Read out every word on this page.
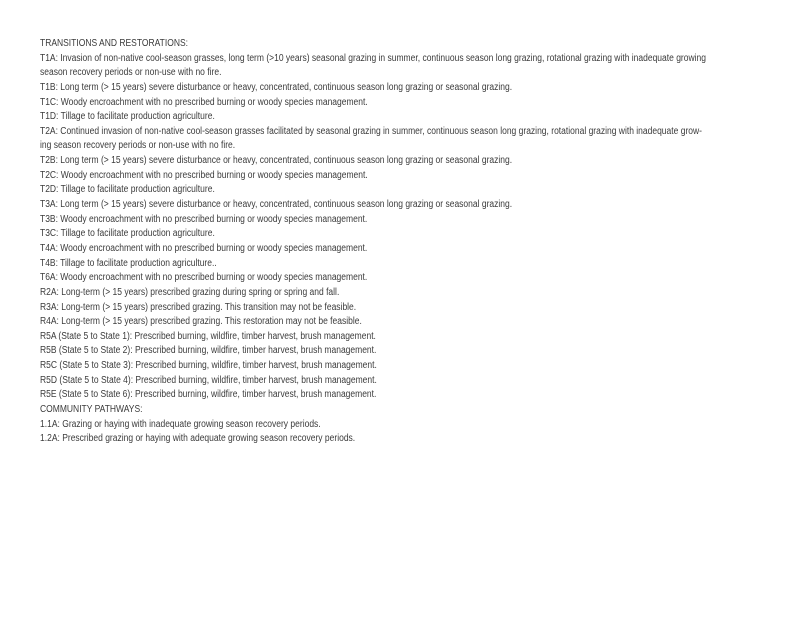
TRANSITIONS AND RESTORATIONS:
T1A: Invasion of non-native cool-season grasses, long term (>10 years) seasonal grazing in summer, continuous season long grazing, rotational grazing with inadequate growing
season recovery periods or non-use with no fire.
T1B: Long term (> 15 years) severe disturbance or heavy, concentrated, continuous season long grazing or seasonal grazing.
T1C: Woody encroachment with no prescribed burning or woody species management.
T1D: Tillage to facilitate production agriculture.
T2A: Continued invasion of non-native cool-season grasses facilitated by seasonal grazing in summer, continuous season long grazing, rotational grazing with inadequate grow-
ing season recovery periods or non-use with no fire.
T2B: Long term (> 15 years) severe disturbance or heavy, concentrated, continuous season long grazing or seasonal grazing.
T2C: Woody encroachment with no prescribed burning or woody species management.
T2D: Tillage to facilitate production agriculture.
T3A: Long term (> 15 years) severe disturbance or heavy, concentrated, continuous season long grazing or seasonal grazing.
T3B: Woody encroachment with no prescribed burning or woody species management.
T3C: Tillage to facilitate production agriculture.
T4A: Woody encroachment with no prescribed burning or woody species management.
T4B: Tillage to facilitate production agriculture..
T6A: Woody encroachment with no prescribed burning or woody species management.
R2A: Long-term (> 15 years) prescribed grazing during spring or spring and fall.
R3A: Long-term (> 15 years) prescribed grazing. This transition may not be feasible.
R4A: Long-term (> 15 years) prescribed grazing. This restoration may not be feasible.
R5A (State 5 to State 1): Prescribed burning, wildfire, timber harvest, brush management.
R5B (State 5 to State 2): Prescribed burning, wildfire, timber harvest, brush management.
R5C (State 5 to State 3): Prescribed burning, wildfire, timber harvest, brush management.
R5D (State 5 to State 4): Prescribed burning, wildfire, timber harvest, brush management.
R5E (State 5 to State 6): Prescribed burning, wildfire, timber harvest, brush management.
COMMUNITY PATHWAYS:
1.1A: Grazing or haying with inadequate growing season recovery periods.
1.2A: Prescribed grazing or haying with adequate growing season recovery periods.
